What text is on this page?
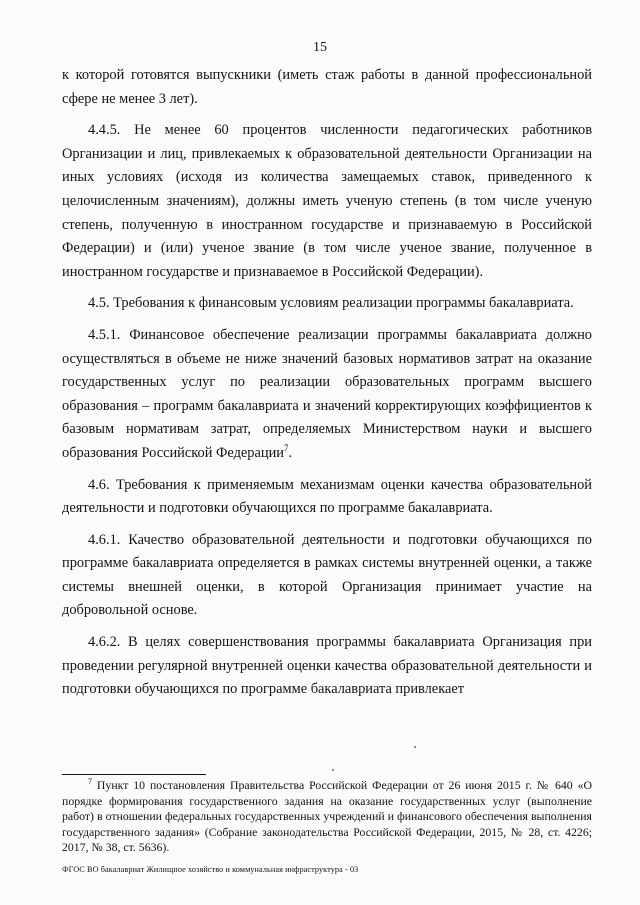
15

к которой готовятся выпускники (иметь стаж работы в данной профессиональной сфере не менее 3 лет).

4.4.5. Не менее 60 процентов численности педагогических работников Организации и лиц, привлекаемых к образовательной деятельности Организации на иных условиях (исходя из количества замещаемых ставок, приведенного к целочисленным значениям), должны иметь ученую степень (в том числе ученую степень, полученную в иностранном государстве и признаваемую в Российской Федерации) и (или) ученое звание (в том числе ученое звание, полученное в иностранном государстве и признаваемое в Российской Федерации).

4.5. Требования к финансовым условиям реализации программы бакалавриата.

4.5.1. Финансовое обеспечение реализации программы бакалавриата должно осуществляться в объеме не ниже значений базовых нормативов затрат на оказание государственных услуг по реализации образовательных программ высшего образования – программ бакалавриата и значений корректирующих коэффициентов к базовым нормативам затрат, определяемых Министерством науки и высшего образования Российской Федерации$^7$.

4.6. Требования к применяемым механизмам оценки качества образовательной деятельности и подготовки обучающихся по программе бакалавриата.

4.6.1. Качество образовательной деятельности и подготовки обучающихся по программе бакалавриата определяется в рамках системы внутренней оценки, а также системы внешней оценки, в которой Организация принимает участие на добровольной основе.

4.6.2. В целях совершенствования программы бакалавриата Организация при проведении регулярной внутренней оценки качества образовательной деятельности и подготовки обучающихся по программе бакалавриата привлекает

$^7$ Пункт 10 постановления Правительства Российской Федерации от 26 июня 2015 г. № 640 «О порядке формирования государственного задания на оказание государственных услуг (выполнение работ) в отношении федеральных государственных учреждений и финансового обеспечения выполнения государственного задания» (Собрание законодательства Российской Федерации, 2015, № 28, ст. 4226; 2017, № 38, ст. 5636).
ФГОС ВО бакалавриат Жилищное хозяйство и коммунальная инфраструктура - 03
